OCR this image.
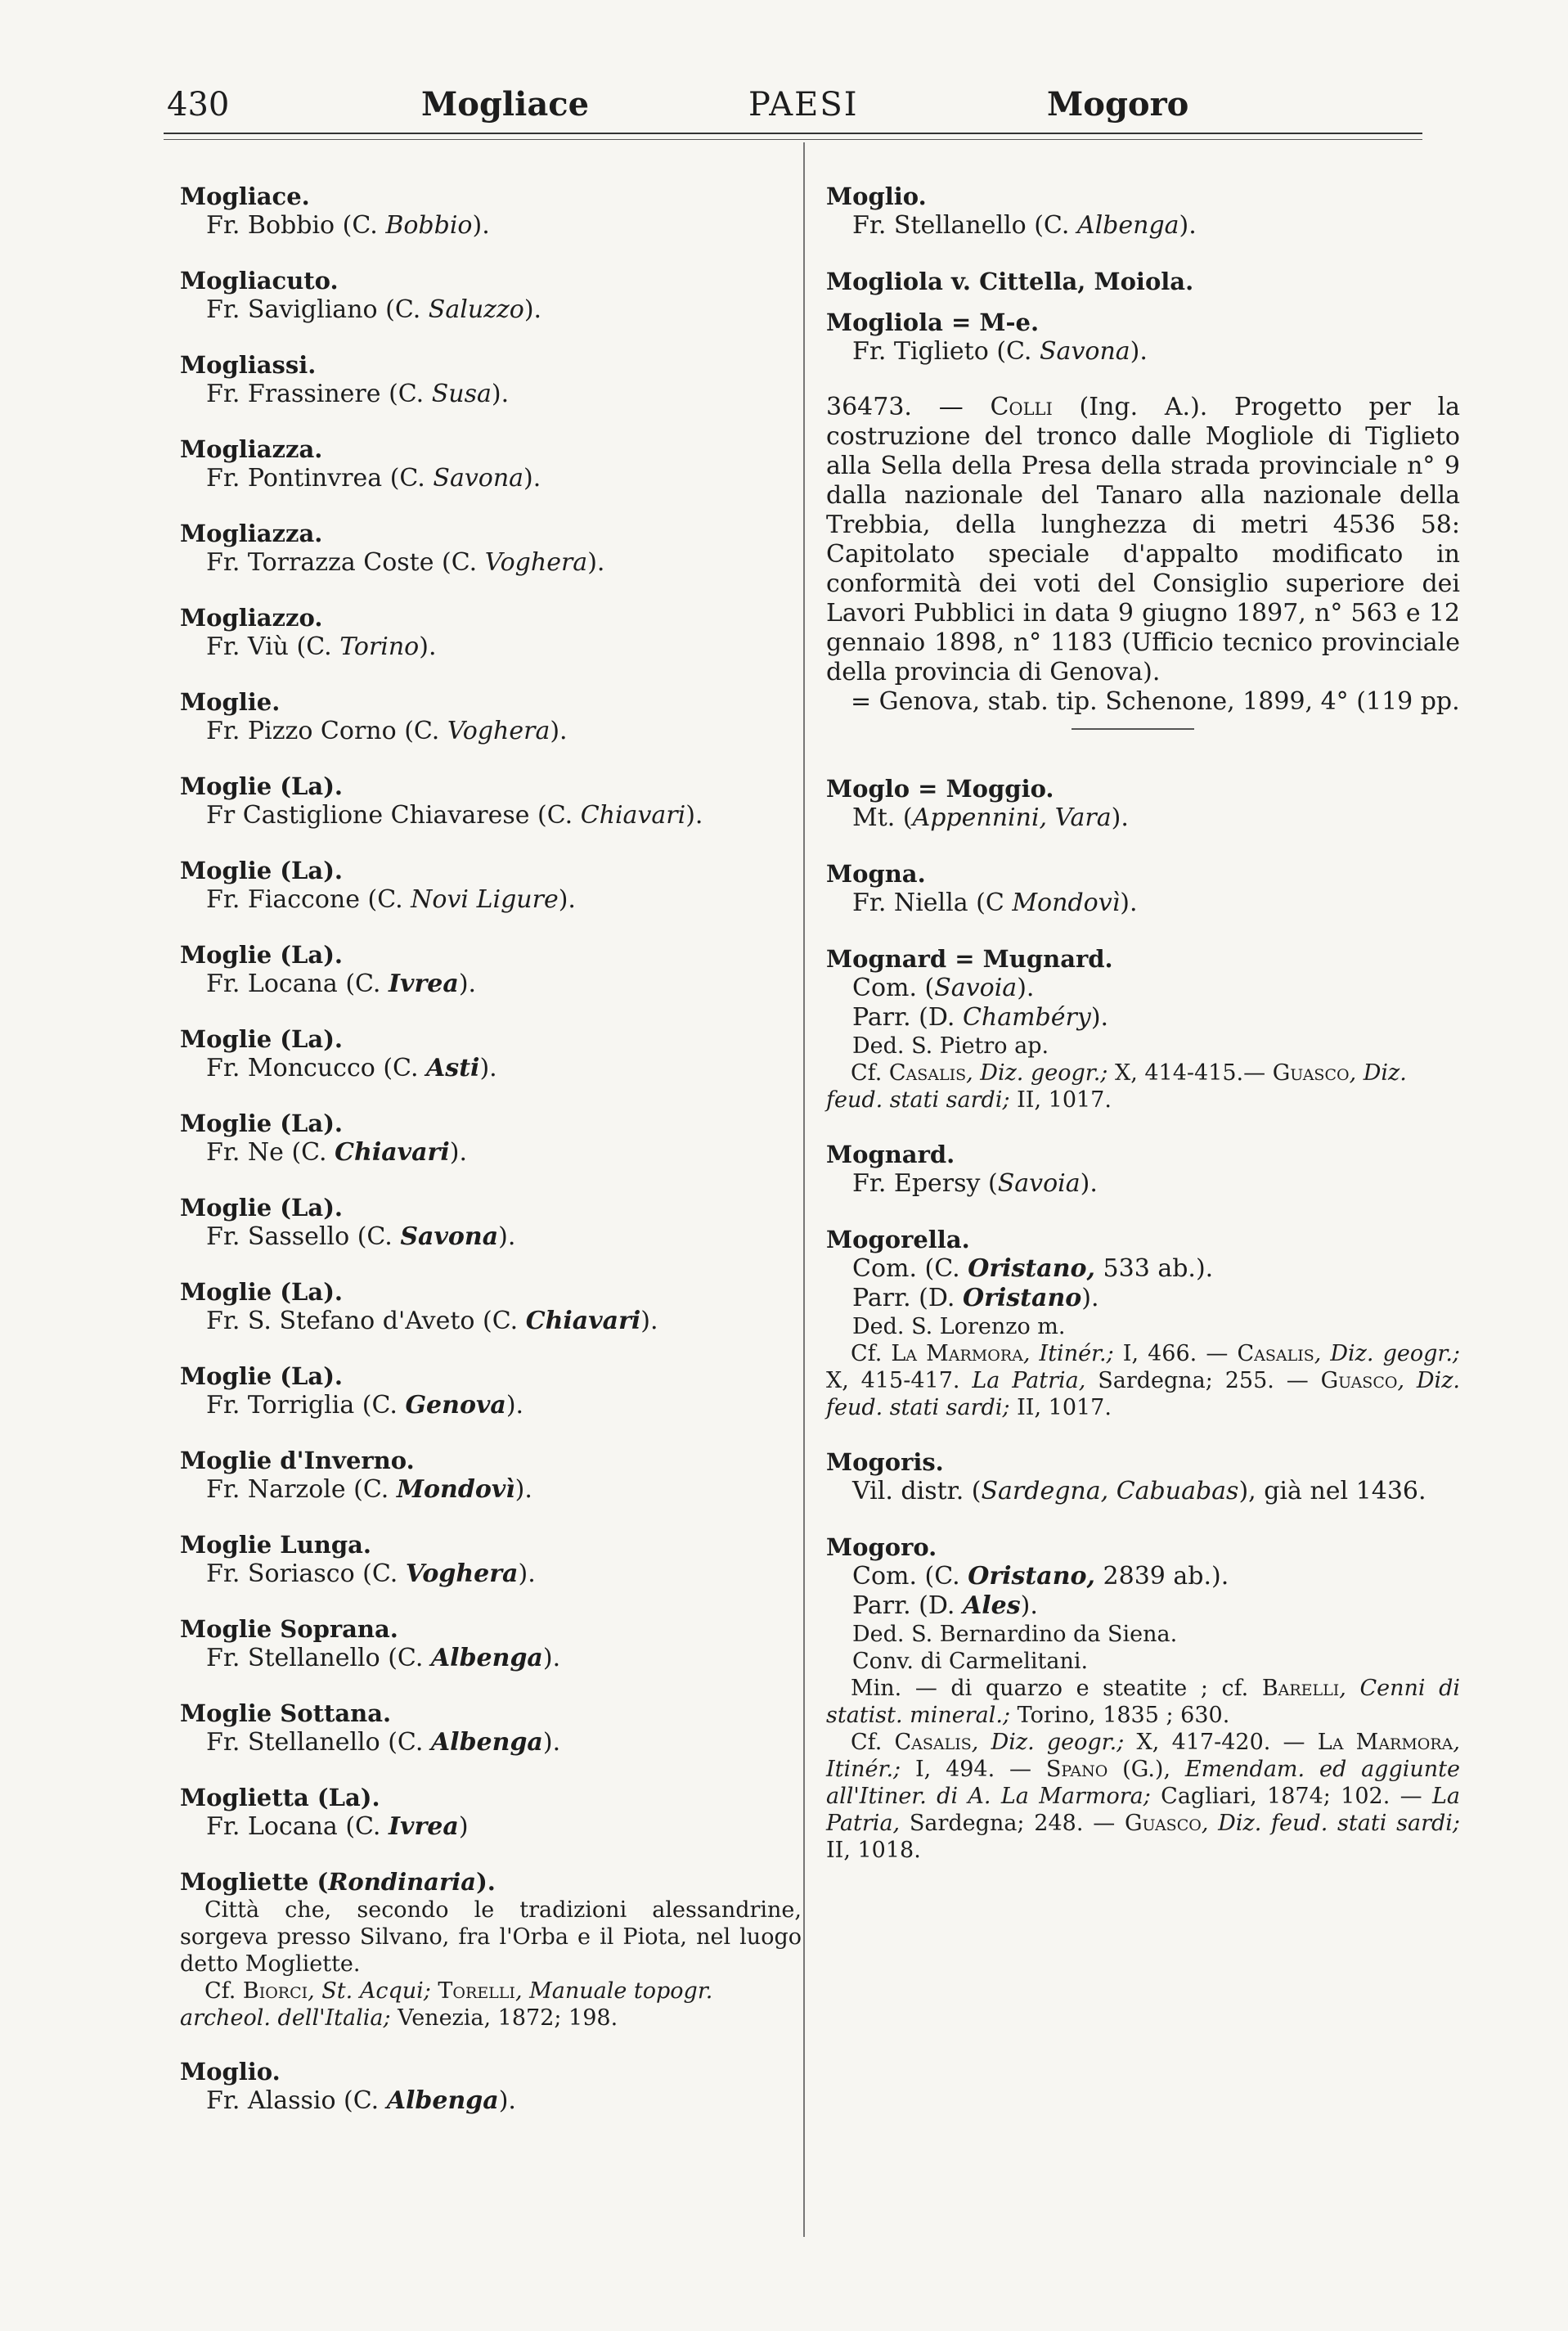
430	Mogliace	PAESI	Mogoro
Mogliace.
Fr. Bobbio (C. Bobbio).
Mogliacuto.
Fr. Savigliano (C. Saluzzo).
Mogliassi.
Fr. Frassinere (C. Susa).
Mogliazza.
Fr. Pontinvrea (C. Savona).
Mogliazza.
Fr. Torrazza Coste (C. Voghera).
Mogliazzo.
Fr. Viù (C. Torino).
Moglie.
Fr. Pizzo Corno (C. Voghera).
Moglie (La).
Fr Castiglione Chiavarese (C. Chiavari).
Moglie (La).
Fr. Fiaccone (C. Novi Ligure).
Moglie (La).
Fr. Locana (C. Ivrea).
Moglie (La).
Fr. Moncucco (C. Asti).
Moglie (La).
Fr. Ne (C. Chiavari).
Moglie (La).
Fr. Sassello (C. Savona).
Moglie (La).
Fr. S. Stefano d'Aveto (C. Chiavari).
Moglie (La).
Fr. Torriglia (C. Genova).
Moglie d'Inverno.
Fr. Narzole (C. Mondovì).
Moglie Lunga.
Fr. Soriasco (C. Voghera).
Moglie Soprana.
Fr. Stellanello (C. Albenga).
Moglie Sottana.
Fr. Stellanello (C. Albenga).
Moglietta (La).
Fr. Locana (C. Ivrea)
Mogliette (Rondinaria).
Città che, secondo le tradizioni alessandrine, sorgeva presso Silvano, fra l'Orba e il Piota, nel luogo detto Mogliette.
Cf. Biorci, St. Acqui; Torelli, Manuale topogr. archeol. dell'Italia; Venezia, 1872; 198.
Moglio.
Fr. Alassio (C. Albenga).
Moglio.
Fr. Stellanello (C. Albenga).
Mogliola v. Cittella, Moiola.
Mogliola = M-e.
Fr. Tiglieto (C. Savona).
36473. — Colli (Ing. A.). Progetto per la costruzione del tronco dalle Mogliole di Tiglieto alla Sella della Presa della strada provinciale n° 9 dalla nazionale del Tanaro alla nazionale della Trebbia, della lunghezza di metri 4536 58: Capitolato speciale d'appalto modificato in conformità dei voti del Consiglio superiore dei Lavori Pubblici in data 9 giugno 1897, n° 563 e 12 gennaio 1898, n° 1183 (Ufficio tecnico provinciale della provincia di Genova).
= Genova, stab. tip. Schenone, 1899, 4° (119 pp.
Moglo = Moggio.
Mt. (Appennini, Vara).
Mogna.
Fr. Niella (C Mondovì).
Mognard = Mugnard.
Com. (Savoia).
Parr. (D. Chambéry).
Ded. S. Pietro ap.
Cf. Casalis, Diz. geogr.; X, 414-415.— Guasco, Diz. feud. stati sardi; II, 1017.
Mognard.
Fr. Epersy (Savoia).
Mogorella.
Com. (C. Oristano, 533 ab.).
Parr. (D. Oristano).
Ded. S. Lorenzo m.
Cf. La Marmora, Itinér.; I, 466. — Casalis, Diz. geogr.; X, 415-417. La Patria, Sardegna; 255. — Guasco, Diz. feud. stati sardi; II, 1017.
Mogoris.
Vil. distr. (Sardegna, Cabuabas), già nel 1436.
Mogoro.
Com. (C. Oristano, 2839 ab.).
Parr. (D. Ales).
Ded. S. Bernardino da Siena.
Conv. di Carmelitani.
Min. — di quarzo e steatite ; cf. Barelli, Cenni di statist. mineral.; Torino, 1835 ; 630.
Cf. Casalis, Diz. geogr.; X, 417-420. — La Marmora, Itinér.; I, 494. — Spano (G.), Emendam. ed aggiunte all'Itiner. di A. La Marmora; Cagliari, 1874; 102. — La Patria, Sardegna; 248. — Guasco, Diz. feud. stati sardi; II, 1018.
